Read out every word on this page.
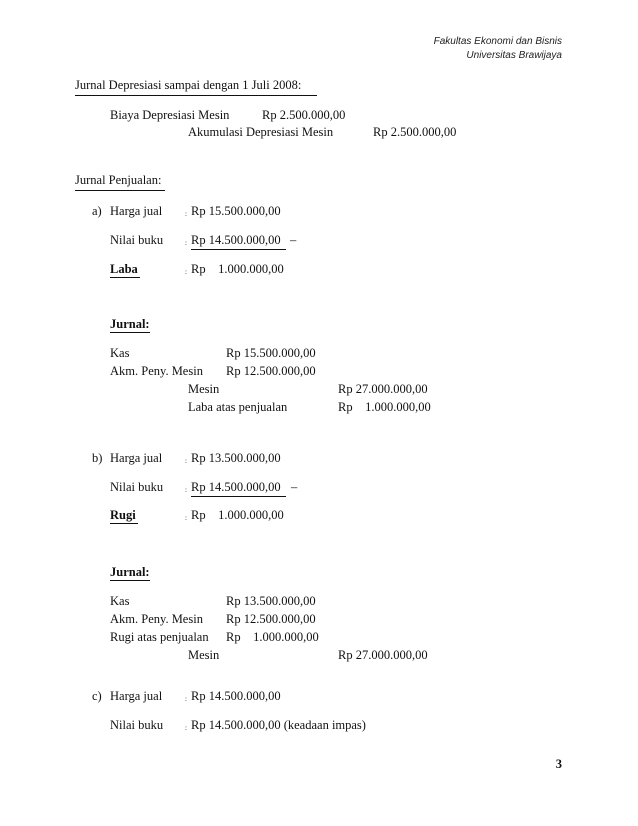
Fakultas Ekonomi dan Bisnis
Universitas Brawijaya
Jurnal Depresiasi sampai dengan 1 Juli 2008:
Biaya Depresiasi Mesin	Rp 2.500.000,00
Akumulasi Depresiasi Mesin	Rp 2.500.000,00
Jurnal Penjualan:
a) Harga jual	: Rp 15.500.000,00
Nilai buku	: Rp 14.500.000,00 –
Laba	: Rp    1.000.000,00
Jurnal:
Kas	Rp 15.500.000,00
Akm. Peny. Mesin Rp 12.500.000,00
Mesin	Rp 27.000.000,00
Laba atas penjualan	Rp    1.000.000,00
b) Harga jual	: Rp 13.500.000,00
Nilai buku	: Rp 14.500.000,00 –
Rugi	: Rp    1.000.000,00
Jurnal:
Kas	Rp 13.500.000,00
Akm. Peny. Mesin Rp 12.500.000,00
Rugi atas penjualan Rp    1.000.000,00
Mesin	Rp 27.000.000,00
c) Harga jual	: Rp 14.500.000,00
Nilai buku	: Rp 14.500.000,00 (keadaan impas)
3
